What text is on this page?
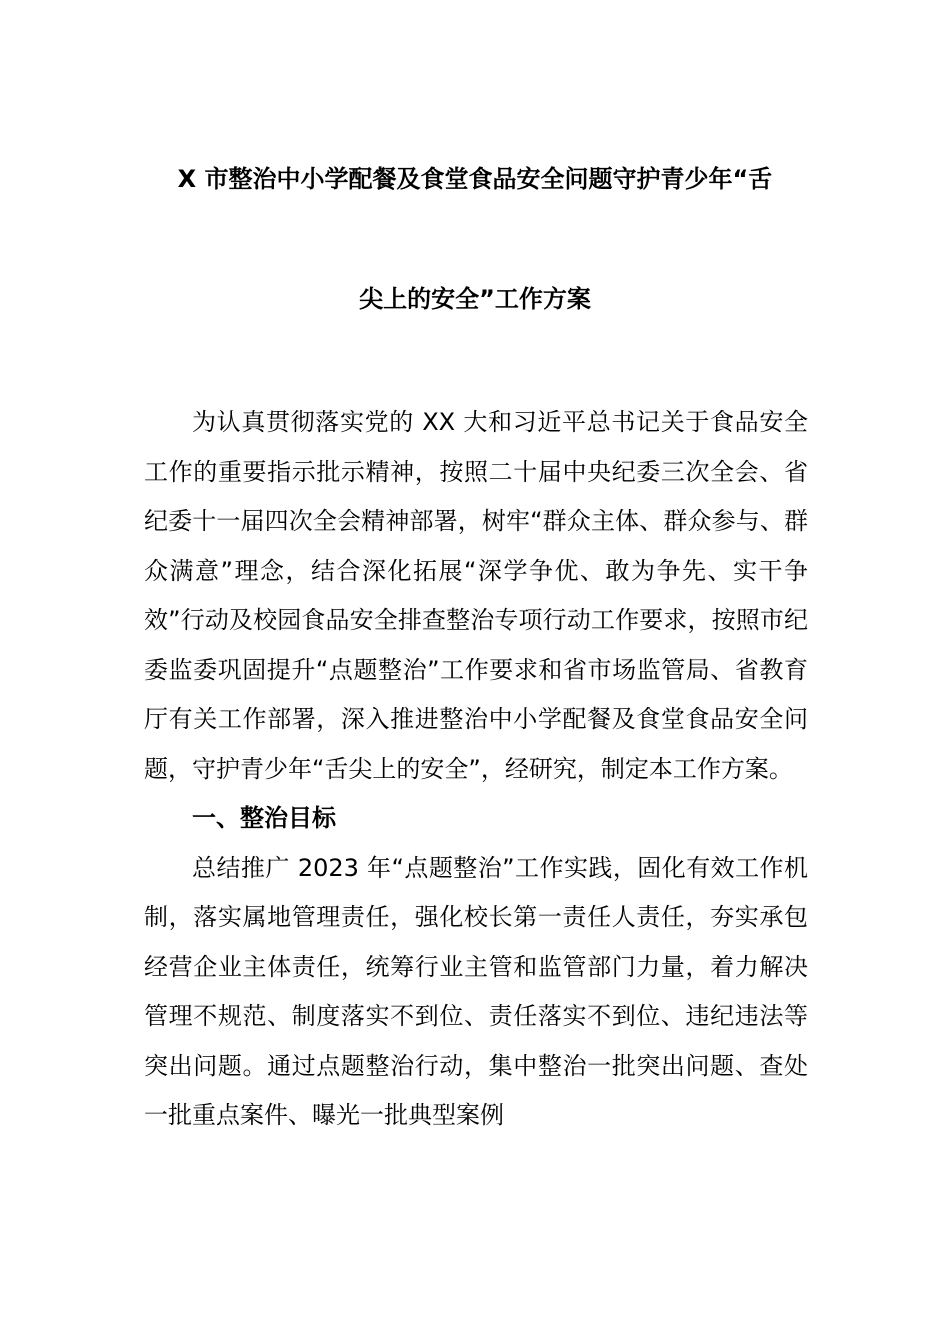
X 市整治中小学配餐及食堂食品安全问题守护青少年“舌
尖上的安全”工作方案

为认真贯彻落实党的 XX 大和习近平总书记关于食品安全工作的重要指示批示精神，按照二十届中央纪委三次全会、省纪委十一届四次全会精神部署，树牢“群众主体、群众参与、群众满意”理念，结合深化拓展“深学争优、敢为争先、实干争效”行动及校园食品安全排查整治专项行动工作要求，按照市纪委监委巩固提升“点题整治”工作要求和省市场监管局、省教育厅有关工作部署，深入推进整治中小学配餐及食堂食品安全问题，守护青少年“舌尖上的安全”，经研究，制定本工作方案。

一、整治目标

总结推广 2023 年“点题整治”工作实践，固化有效工作机制，落实属地管理责任，强化校长第一责任人责任，夯实承包经营企业主体责任，统筹行业主管和监管部门力量，着力解决管理不规范、制度落实不到位、责任落实不到位、违纪违法等突出问题。通过点题整治行动，集中整治一批突出问题、查处一批重点案件、曝光一批典型案例
